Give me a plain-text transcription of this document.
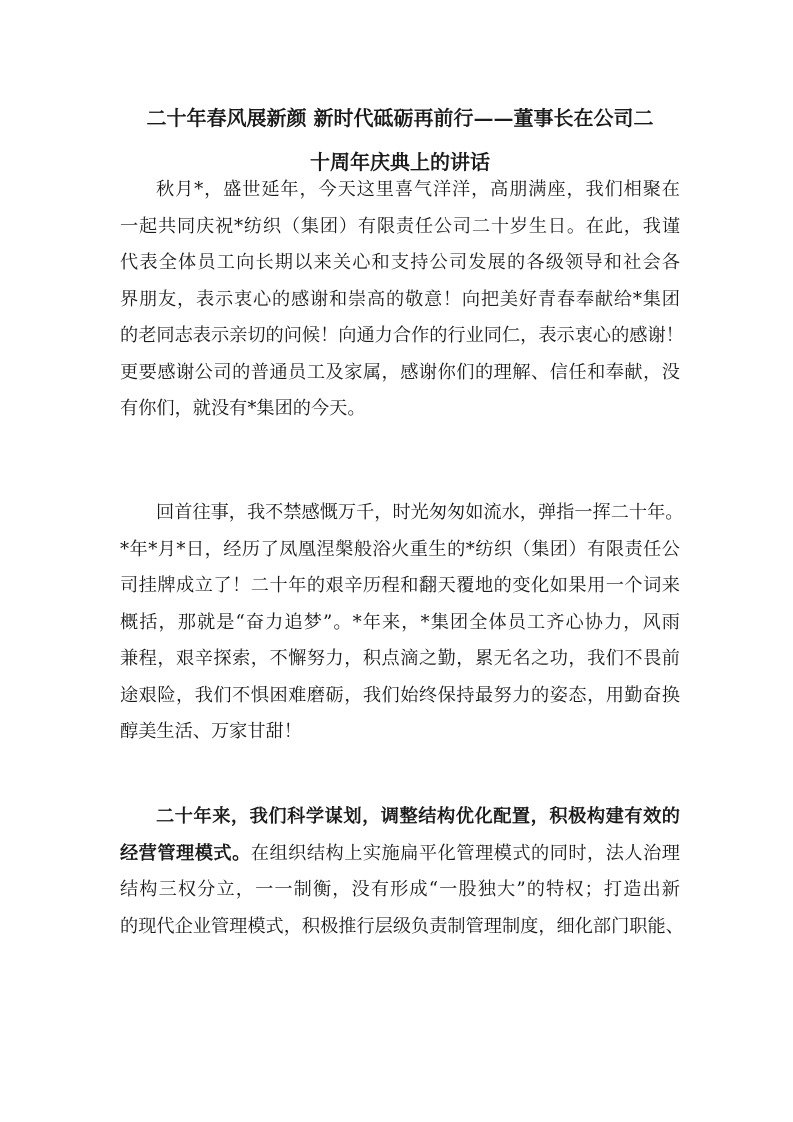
二十年春风展新颜 新时代砥砺再前行——董事长在公司二
十周年庆典上的讲话
秋月*，盛世延年，今天这里喜气洋洋，高朋满座，我们相聚在
一起共同庆祝*纺织（集团）有限责任公司二十岁生日。在此，我谨
代表全体员工向长期以来关心和支持公司发展的各级领导和社会各
界朋友，表示衷心的感谢和崇高的敬意！向把美好青春奉献给*集团
的老同志表示亲切的问候！向通力合作的行业同仁，表示衷心的感谢！
更要感谢公司的普通员工及家属，感谢你们的理解、信任和奉献，没
有你们，就没有*集团的今天。
回首往事，我不禁感慨万千，时光匆匆如流水，弹指一挥二十年。
*年*月*日，经历了凤凰涅槃般浴火重生的*纺织（集团）有限责任公
司挂牌成立了！二十年的艰辛历程和翻天覆地的变化如果用一个词来
概括，那就是“奋力追梦”。*年来，*集团全体员工齐心协力，风雨
兼程，艰辛探索，不懈努力，积点滴之勤，累无名之功，我们不畏前
途艰险，我们不惧困难磨砺，我们始终保持最努力的姿态，用勤奋换
醇美生活、万家甘甜！
二十年来，我们科学谋划，调整结构优化配置，积极构建有效的
经营管理模式。在组织结构上实施扁平化管理模式的同时，法人治理
结构三权分立，一一制衡，没有形成“一股独大”的特权；打造出新
的现代企业管理模式，积极推行层级负责制管理制度，细化部门职能、
